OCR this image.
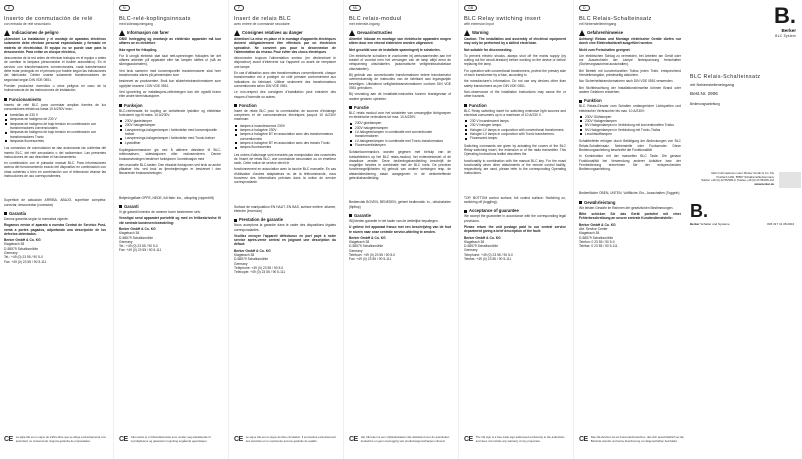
E
Inserto de conmutación de relé
con entrada de relé secundario
Indicaciones de peligro

¡Atención! La instalación y el montaje de aparatos eléctricos solamente debe efectuar personal especializado y formado en materia de electricidad. El equipo no se puede usar para la desconexión. Para evitar un choque eléctrico,

desconectar de la red antes de efectuar trabajos en el equipo o antes de cambiar la lámpara (desconectar el fusible automático). En el servicio con transformadores convencionales, cada transformador debe estar protegido en el primario por fusible según las indicaciones del fabricante. Deben usarse solamente transformadores de seguridad según DIN VDE 0551.

Pueden producirse incendios u otros peligros en caso de la inobservancia de las instrucciones de instalación.

Funcionamiento

Inserto de relé BLC para conmutar amplias fuentes de luz consumidores eléctricos hasta 10 A/230V máx.:

bombillas de 230 V
lámparas de halógeno de 230 V
lámparas de halógeno de bajo tensión en combinación con transformadores convencionales
lámparas de halógeno de bajo tensión en combinación con transformadores Tronic
lámparas fluorescentes

Los comandos de conmutación se dan accionando las cubiertas del inserto BLC, del relé secundario o del radioemisor. Las presentes instrucciones de uso describen el funcionamiento

en combinación con el pulsador manual BLC. Para informaciones acerca del funcionamiento exacto del dispositivo en combinación con otras cubiertas o bien en combinación con el telemando véanse las instrucciones de uso correspondientes.

Superficie de actuación ARRIBA, ABAJO, superficie completa: conectar, desconectar (conmutar)

Garantía

Damos garantía según la normativa vigente.

Rogamos enviar el aparato a nuestra Central de Servicio Post-venta a portes pagados, adjuntando una descripción de los defectos detectados.

Berker GmbH & Co. KG
Klagebach 38
D-58579 Schalksmühle
Germany
Tel.: +49 (0) 23 55 / 90 5-0
Fax: +49 (0) 23 55 / 90 5-111
CE La sigla CE es un signo de tráfico libre que se dirige exclusivamente a la autoridad, no conteniendo ninguna garantía de propiedades.
N
BLC-relé-koplingsinnsats
med sidetasjonimgang
Informasjon om farer

OBS! Innlegging og montasje av elektriske apparater må kun utføres av en elektriker.

Ikke egnet for frikopling.

For å unngå elektrisk støt skal nett-spenningen frakoples før det utføres arbeider på apparatet eller før lampen skiftes ut (slå av sikringsautomaten).

Ved bruk sammen med konvensjonelle transformatorer skal hver transformator sikres på primærsiden som

beskrevet av produsenten. Bruk kun sikkerhetstransformatorer som oppfyller kravene i DIN VDE 0551.

Ved ignorering av installasjons-veiledningen kan det oppstå brann eller andre farer/situasjoner.

Funksjon

BLC-reléinnsats for kopling av omfattende lyskilder og elektriske forbrukere opp til maks. 10 A/230V.

230V glødelamper
230V halogenlamper
Lavspennings-halogenlamper i forbindelse med konvensjonelle trafoer
Lavspennings-halogenlamper i forbindelse med Tronic-trafoer
Lysstoffrør

Koplingskommandoer gis ved å aktivere dekslene til BLC-reléinnsatsen, sidestasjonen eller radiosenderen. Denne bruksanvisningen beskriver funksjonen i kombinasjon med

den manuelle BLC-tasten. Den eksakte funksjonen ved bruk av andre påsatser hhv. ved bruk av fjernbetjeningen er beskrevet i den tilsvarende bruksanvisningen.

Betjeningsflate OPPE, NEDE, full flate: inn-, utkopling (vippedrift)

Garanti

Vi gir garanti innenfor de rammer loven bestemmer selv.

Vennligst send apparatet portofritt og med en feilbeskrivelse til vår sentrale kundeserviceavdeling:

Berker GmbH & Co. KG
Klagebach 38
D-58579 Schalksmühle
Germany
Tel.: +49 (0) 23 55 / 90 5-0
Fax: +49 (0) 23 55 / 90 5-111
CE CE-merket er et frihandelsmerke som vender seg utelukkende til myndighetene og garanterer ingenting angående egenskaper.
F
Insert de relais BLC
avec entrée de commande secodaire
Consignes relatives au danger

Attention! La mise en place et le montage d'appareils électriques doivent obligatoirement être effectués par un électricien spécialisé. Ne convient pas pour la déconnexion de l'alimentation du réseau. Pour éviter des chocs électriques

déconnecter toujours l'alimentation secteur (en déclenchant le disjoncteur) avant d'intervenir sur l'appareil ou avant de remplacer une lampe.

En cas d'utilisation avec des transformateurs conventionnels, chaque transformateur est à protéger du côté primaire conformément aux indications du fabricant. Utiliser seulement des transformateurs conventionnels selon DIN VDE 0551.

Le non-respect des consignes d'installation peut entraîner des risques d'incendie ou autres.

Fonction

Insert de relais BLC pour la commutation de sources d'éclairage complexes et de consommateurs électriques jusqu'à 10 A/230V maximum:

lampes à incandescence 230V
lampes à halogène 230V
lampes à halogène BT en association avec des transformateurs conventionnels
lampes à halogène BT en association avec des transfo Tronic
lampes fluorescentes

Les ordres d'allumage sont exécutés par manipulation des couvercles de l'insert de relais BLC, une commande secondaire ou un émetteur radio. Cette notice de service décrit le

fonctionnement en association avec la touche BLC manuelle. En cas d'utilisation d'autres adaptateurs ou de la télécommande, vous trouverez des informations précises dans la notice de service correspondante.

Surface de manipulation EN HAUT, EN BAS, surface entière: allumer, éteindre (inversion)

Prestation de garantie

Nous acceptons la garantie dans le cadre des dispositions légales correspondantes.

Veuillez envoyer l'appareil défectueux en port payé à notre service après-vente central en joignant une description du défaut:

Berker GmbH & Co. KG
Klagebach 38
D-58579 Schalksmühle
Germany
Téléphone: +49 (0) 23 55 / 90 5-0
Télécopie: +49 (0) 23 55 / 90 5-111
CE Le signe CE est un signe de libre circulation. Il est destiné exclusivement aux autorités et ne représente aucune garantie de qualité.
NL
BLC relais-moduul
met extensie-ingang
Gevaarinstructies

Attentie! Inbouw en montage van elektrische apparaten mogen alleen door een erkend elektricien worden uitgevoerd.

Niet geschikt voor de installatie spanningvrij te schakelen.

Om elektrische schokken te voorkomen bij werkzaamheden aan het toestel of voordat men het vervangen van de lamp altijd eerst de netspanning uitschakelen. (automatische veiligheidsschakelaar uitschakelen).

Bij gebruik van conventionele transformatoren iedere transformator overeenkomstig de instructies van de fabrikant aan ingangszijde beveiligen. Uitsluitend veiligheidstransformatoren conform DIN VDE 0551 gebruiken.

Bij verzaking aan de installatie-instructies kunnen brandgevaar of andere gevaren optreden.

Functie

BLC relais moduul voor het schakelen van omvangrijke lichtgroepen en elektrische verbruikers tot max. 10 A/230V.

230V gloeilampen
230V halogeenlampen
LV-halogeenlampen in combinatie met conventionele transformatoren
LV-halogeenlampen in combinatie met Tronic-transformators
Fluorescentielampen

Schakelcommando's worden gegeven met behulp van de toetsafdekken op het BLC relais-moduul, het extensietoestel of de draadloze zender. Deze bedieningshandleiding beschrijft de mogelijke functies in combinatie met de BLC toets. De precieze functiemogelijkheden bij gebruik van andere toetsingen resp. de afstandsbediening staan aangegeven in de desbetreffende gebruikshandleiding.

Bedienvlak BOVEN, BENEDEN, geheel bedienvlak: in-, uitschakelen (flipflop)

Garantie

Wij bieden garantie in het kader van de wettelijke bepalingen.

U gelieve het apparaat franco met een beschrijving van de fout te sturen naar onze centrale service-afdeling te zenden.

Berker GmbH & Co. KG
Klagebach 38
D-58579 Schalksmühle
Germany
Telefoon: +49 (0) 23 55 / 90 5-0
Fax: +49 (0) 23 55 / 90 5-111
CE Het CE teken is een vrijhandelsteken dat uitsluitend voor de autoriteiten bedoeld is en geen toezegging van productseigenschappen inhoudt.
GB
BLC Relay switching insert
with extension input
Warning

Caution: The installation and assembly of electrical equipment may only be performed by a skilled electrician.

Not suitable for disconnecting.

To prevent electric shocks, always shut off the mains supply (by cutting out the circuit-breaker) before working on the device or before replacing the lamp.

For operation with conventional transformers, protect the primary side of each transformer by a fuse, according to

the manufacturer's information. Do not use any devices other than safety transformers as per DIN VDE 0551.

Non-observance of the installation instructions may cause fire or other hazards.

Function

BLC Relay switching insert for switching extensive light sources and electrical consumers up to a maximum of 10 A/230 V.

230 V incandescent lamps.
230 V halogen lamps.
Halogen LV lamps in conjunction with conventional transformers.
Halogen LV lamps in conjunction with Tronic transformers.
Fluorescent lamps.

Switching commands are given by actuating the covers of the BLC Relay switching insert, the extension or of the radio transmitter. This Operating Instructions leaflet describes the

functionality in combination with the manual BLC key. For the exact functionality when other attachments or the remote control facility, respectively, are used, please refer to the corresponding Operating Instructions.

TOP, BOTTOM control surface, full control surface: Switching on, switching off (toggling).

Acceptance of guarantee

We accept the guarantee in accordance with the corresponding legal provisions.

Please return the unit postage paid to our central service department giving a brief description of the fault:

Berker GmbH & Co. KG
Klagebach 38
D-58579 Schalksmühle
Germany
Telephone: +49 (0) 23 55 / 90 5-0
Telefax: +49 (0) 23 55 / 90 5-111
CE The CE sign is a free trade sign addressed exclusively to the authorities and does not include any warranty of any properties.
D
BLC Relais-Schalteinsatz
mit Nebenstelleneingang
Gefahrenhinweise

Achtung! Einbau und Montage elektrischer Geräte dürfen nur durch eine Elektrofachkraft ausgeführt werden.

Nicht zum Freischalten geeignet.

Um elektrischen Schlag zu vermeiden, bei Arbeiten am Gerät oder vor Auswechseln der Lampe Netzspannung freischalten (Sicherungsautomat ausschalten).

Bei Betrieb mit konventionellen Trafos jeden Trafo, entsprechend Herstellerangabe, primärseitig absichern.

Nur Sicherheitstransformatoren nach DIN VDE 0551 verwenden.

Bei Nichtbeachtung der Installationshinweise können Brand oder andere Gefahren entstehen.

Funktion

BLC Relais-Einsatz zum Schalten umfangreicher Lichtquellen und elektrischer Verbraucher bis max. 10 A/230V:

230V Glühlampen
230V Halogenlampen
NV-Halogenlampen in Verbindung mit konventionellen Trafos
NV-Halogenlampen in Verbindung mit Tronic-Trafos
Leuchtstofflampen

Schaltbefehle erfolgen durch Betätigung der Abdeckungen von BLC Relais-Schalteinsatz, Nebenstelle oder Funksender. Diese Bedienungsanleitung beschreibt die Funktionalität

in Kombination mit der manuellen BLC Taste. Die genaue Funktionalität bei Verwendung anderer Aufsätze bzw. der Fernbedienung entnehmen Sie der entsprechenden Bedienungsanleitung.

Bedienfläche OBEN, UNTEN, Vollfläche: Ein-, Ausschalten (Toggeln)

Gewährleistung

Wir leisten Gewähr im Rahmen der gesetzlichen Bestimmungen.

Bitte schicken Sie das Gerät portofrei mit einer Fehlerbeschreibung an unsere zentrale Kundendienststelle:

Berker GmbH & Co. KG
Abt. Service Center
Klagebach 38
D-58579 Schalksmühle
Telefon: 0 23 55 / 90 5-0
Telefax: 0 23 55 / 90 5-111
CE Das CE-Zeichen ist ein Freiverkehrszeichen, das sich ausschließlich an die Behörde wendet und keine Zusicherung von Eigenschaften beinhaltet.
B.
Berker
BLC System
BLC Relais-Schalteinsatz
mit Nebenstelleneingang
Best.Nr. 2906
Bedienungsanleitung
Mehr Informationen unter: Berker GmbH & Co. KG
Postfach 1160, 58567 Schalksmühle/Germany
Telefon +49 (0) 23 55/905-0, Telefax +49 (0) 23 55/905-111
www.berker.de
B.
Berker Schalter und Systeme	826 317 31 08.2004
